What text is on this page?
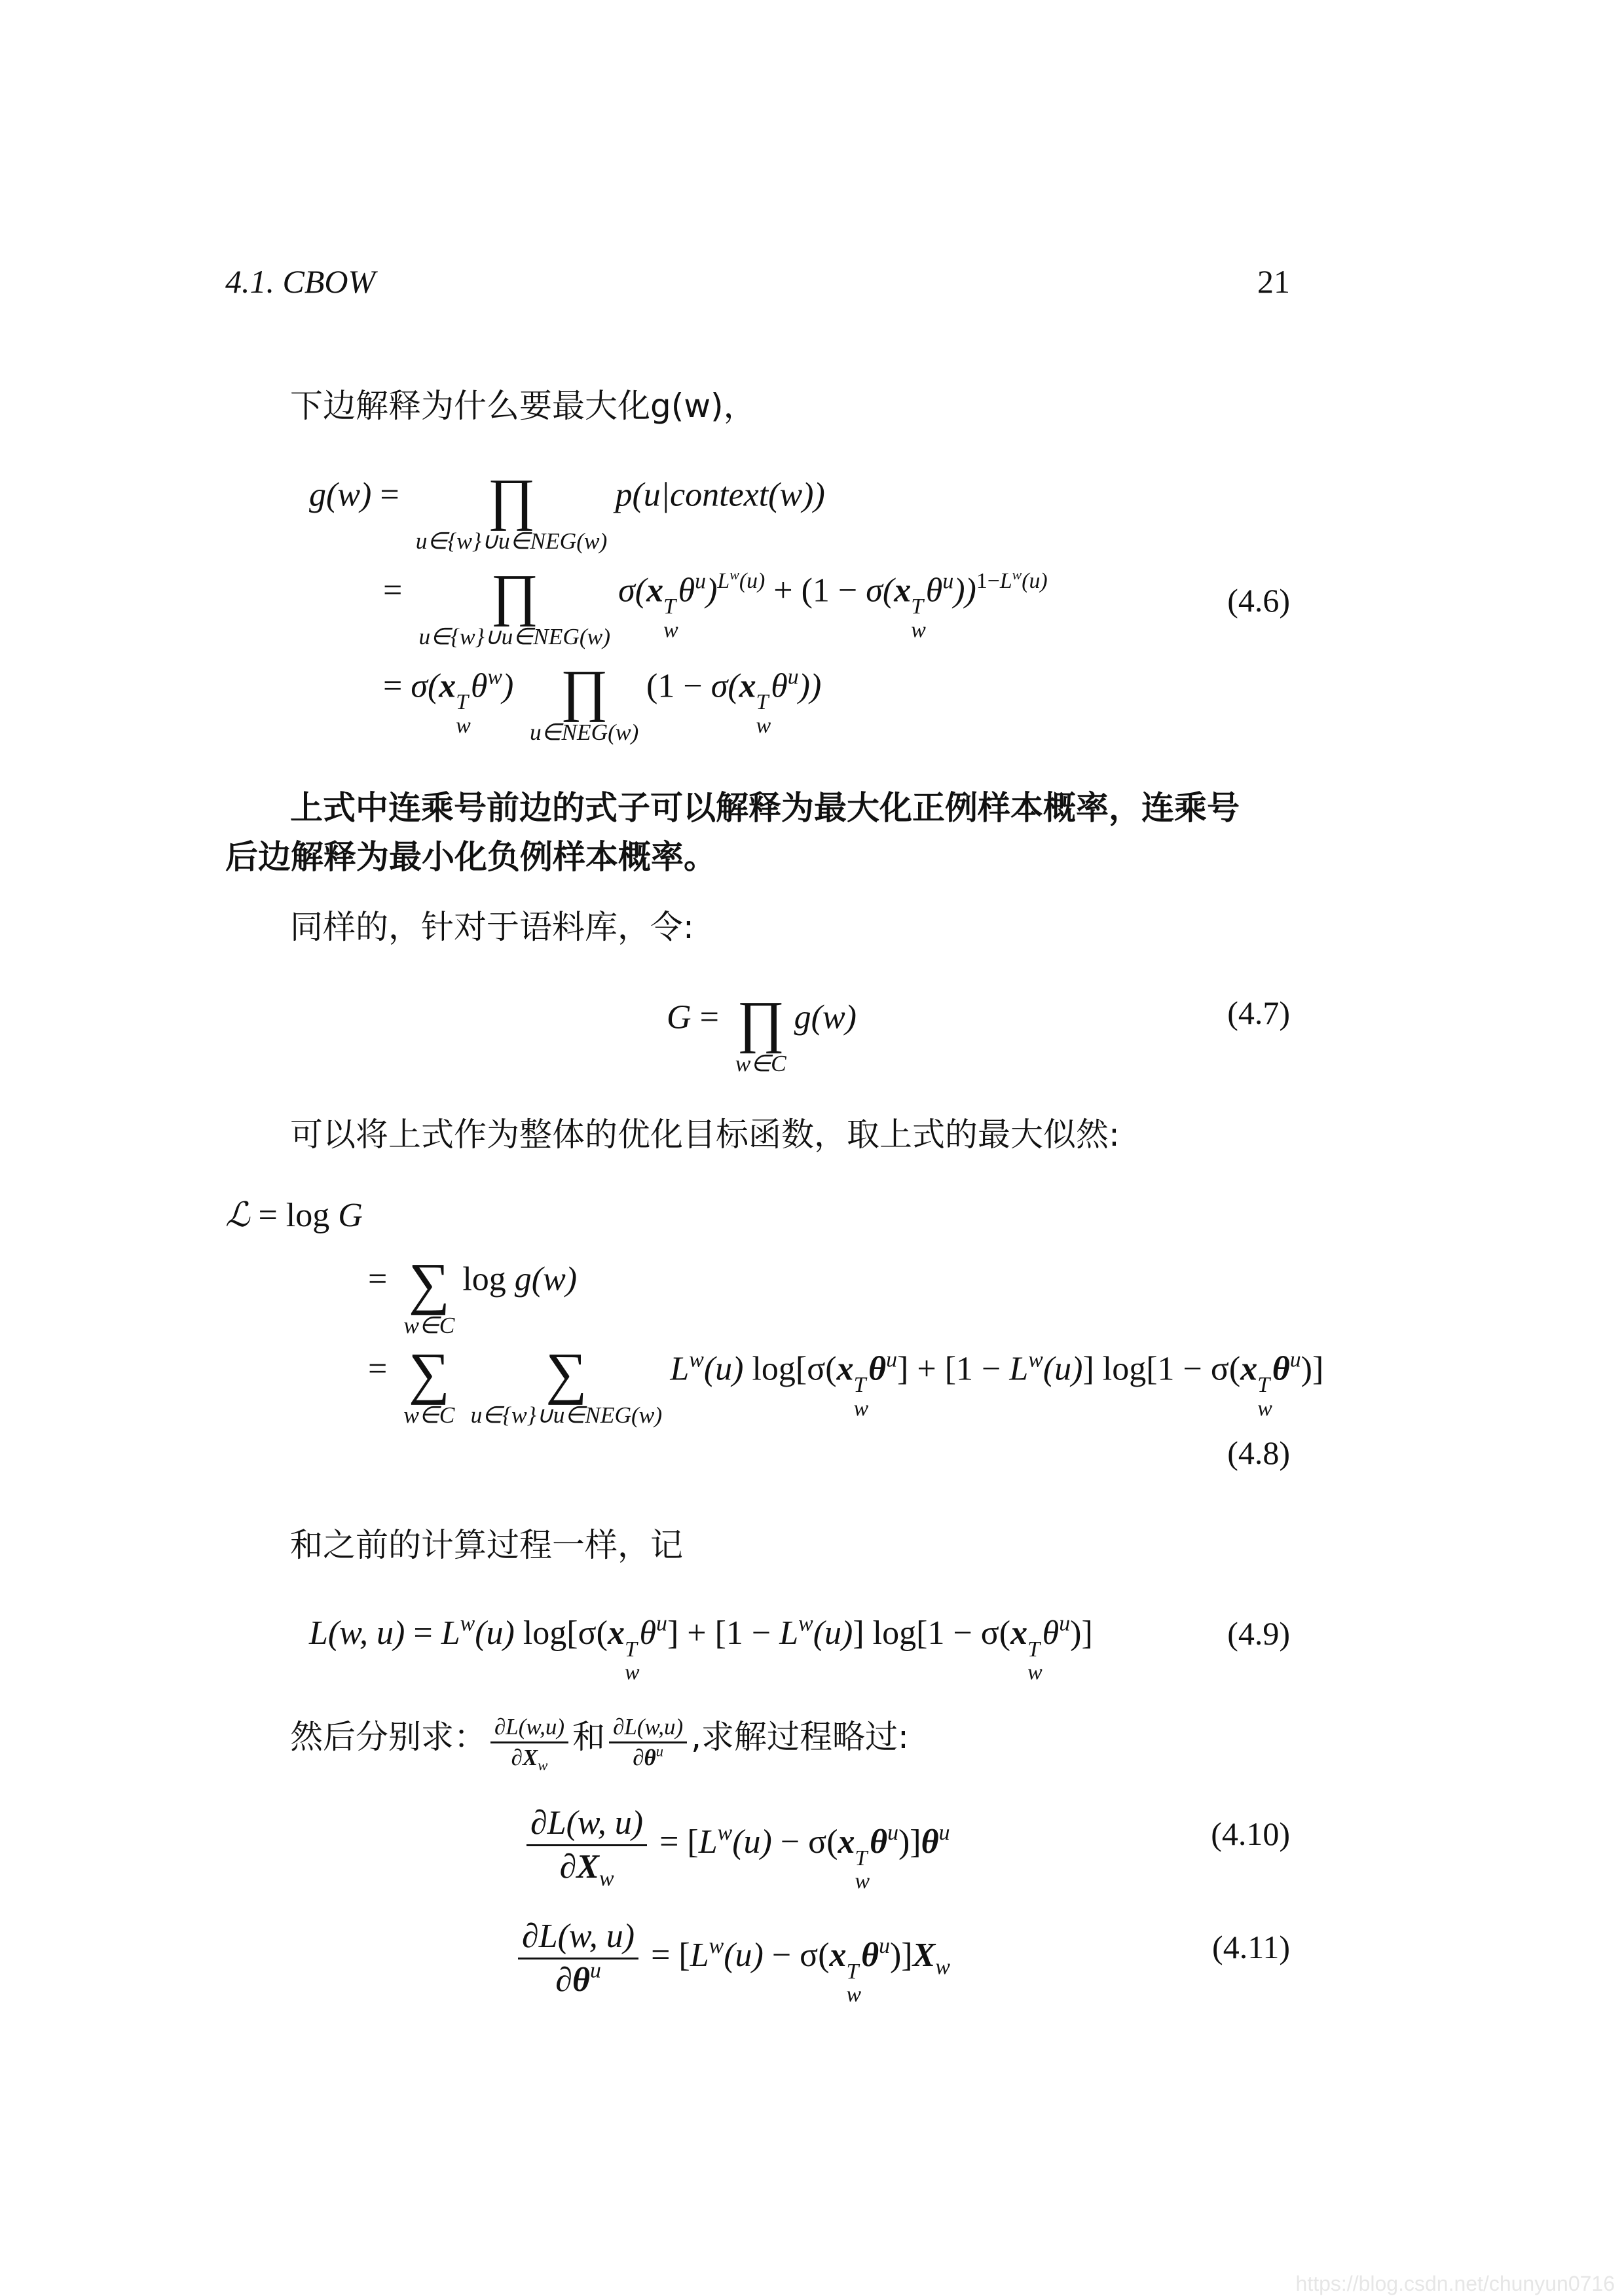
4.1. CBOW	21
下边解释为什么要最大化g(w)，
g(w) = ∏
u∈{w}∪u∈NEG(w)
p(u|context(w))
= ∏
u∈{w}∪u∈NEG(w)
σ(x T
w
$\theta^u)^{L^w(u)} + (1 - \sigma(x$ T
w
$\theta^u))^{1-L^w(u)}$
= σ(x T
w
$\theta^w$) ∏
u∈NEG(w)
(1 − σ(x T
w
$\theta^u$))
(4.6)
上式中连乘号前边的式子可以解释为最大化正例样本概率，连乘号
后边解释为最小化负例样本概率。
同样的，针对于语料库，令:
G = ∏
w∈C
g(w)	(4.7)
可以将上式作为整体的优化目标函数，取上式的最大似然:
ℒ = log G
= ∑
w∈C
log g(w)
= ∑
w∈C
∑
u∈{w}∪u∈NEG(w)
$L^w(u)$ log[σ(x T
w
$\theta^u] + [1 - L^w(u)]$ log[1 − σ(x T
w
$\theta^u$)]
(4.8)
和之前的计算过程一样，记
L(w, $u) = L^w(u)$ log[σ(x T
w
$\theta^u] + [1 - L^w(u)]$ log[1 − σ(x T
w
$\theta^u$)]	(4.9)
然后分别求： $\frac{\partial L(w,u)}{\partial X_w}$ 和 $\frac{\partial L(w,u)}{\partial\theta^u}$ ,求解过程略过:
$\frac{\partial L(w, u)}{\partial X_w} = [L^w(u) - \sigma(x$ T
w
$\theta^u)]\theta^u$	(4.10)
$\frac{\partial L(w, u)}{\partial\theta^u} = [L^w(u) - \sigma(x$ T
w
$\theta^u)]X_w$
(4.11)
https://blog.csdn.net/chunyun0716
